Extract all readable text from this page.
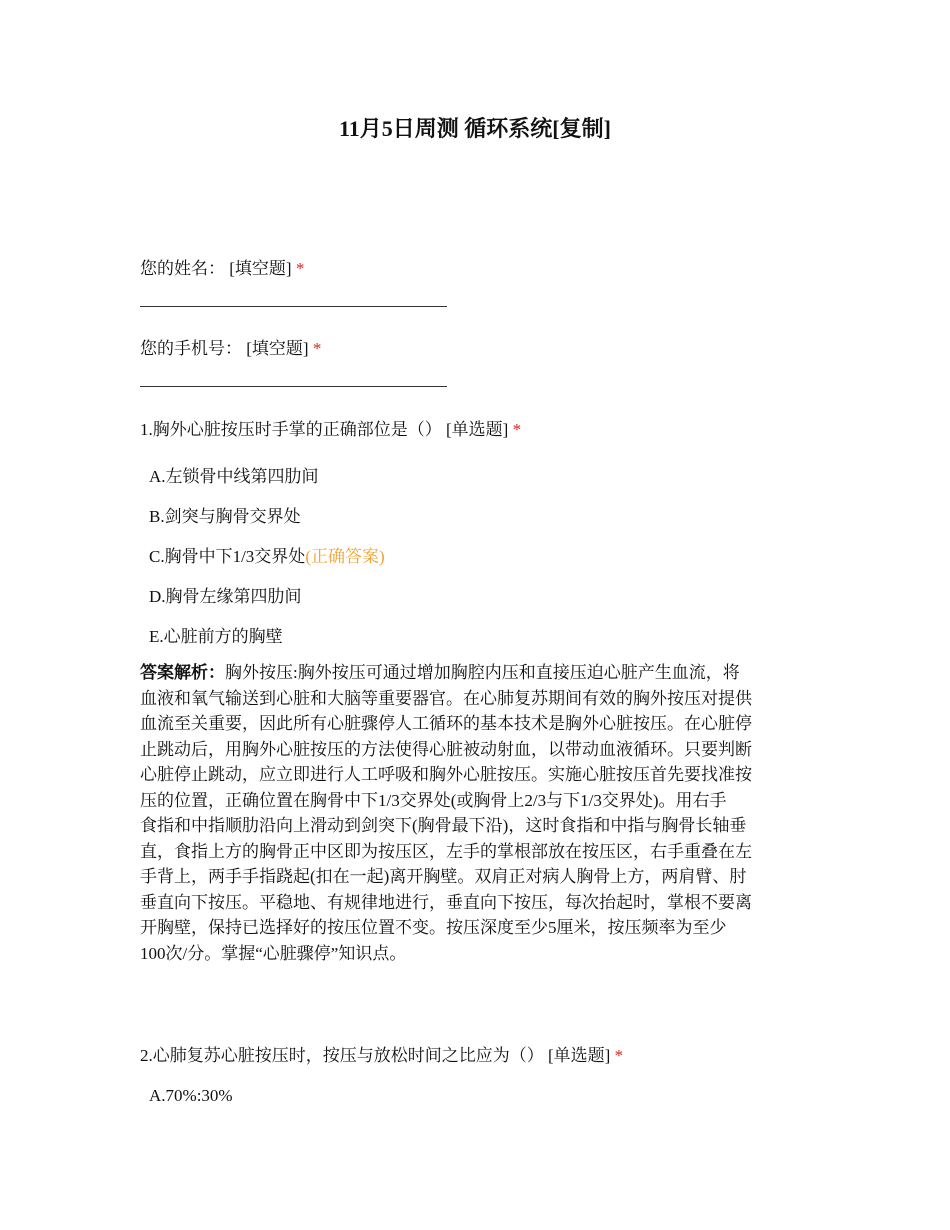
11月5日周测 循环系统[复制]
您的姓名： [填空题] *
您的手机号： [填空题] *
1.胸外心脏按压时手掌的正确部位是（） [单选题] *
A.左锁骨中线第四肋间
B.剑突与胸骨交界处
C.胸骨中下1/3交界处(正确答案)
D.胸骨左缘第四肋间
E.心脏前方的胸壁
答案解析：胸外按压:胸外按压可通过增加胸腔内压和直接压迫心脏产生血流，将
血液和氧气输送到心脏和大脑等重要器官。在心肺复苏期间有效的胸外按压对提供
血流至关重要，因此所有心脏骤停人工循环的基本技术是胸外心脏按压。在心脏停
止跳动后，用胸外心脏按压的方法使得心脏被动射血，以带动血液循环。只要判断
心脏停止跳动，应立即进行人工呼吸和胸外心脏按压。实施心脏按压首先要找准按
压的位置，正确位置在胸骨中下1/3交界处(或胸骨上2/3与下1/3交界处)。用右手
食指和中指顺肋沿向上滑动到剑突下(胸骨最下沿)，这时食指和中指与胸骨长轴垂
直，食指上方的胸骨正中区即为按压区，左手的掌根部放在按压区，右手重叠在左
手背上，两手手指跷起(扣在一起)离开胸壁。双肩正对病人胸骨上方，两肩臂、肘
垂直向下按压。平稳地、有规律地进行，垂直向下按压，每次抬起时，掌根不要离
开胸壁，保持已选择好的按压位置不变。按压深度至少5厘米，按压频率为至少
100次/分。掌握“心脏骤停”知识点。
2.心肺复苏心脏按压时，按压与放松时间之比应为（） [单选题] *
A.70%:30%
